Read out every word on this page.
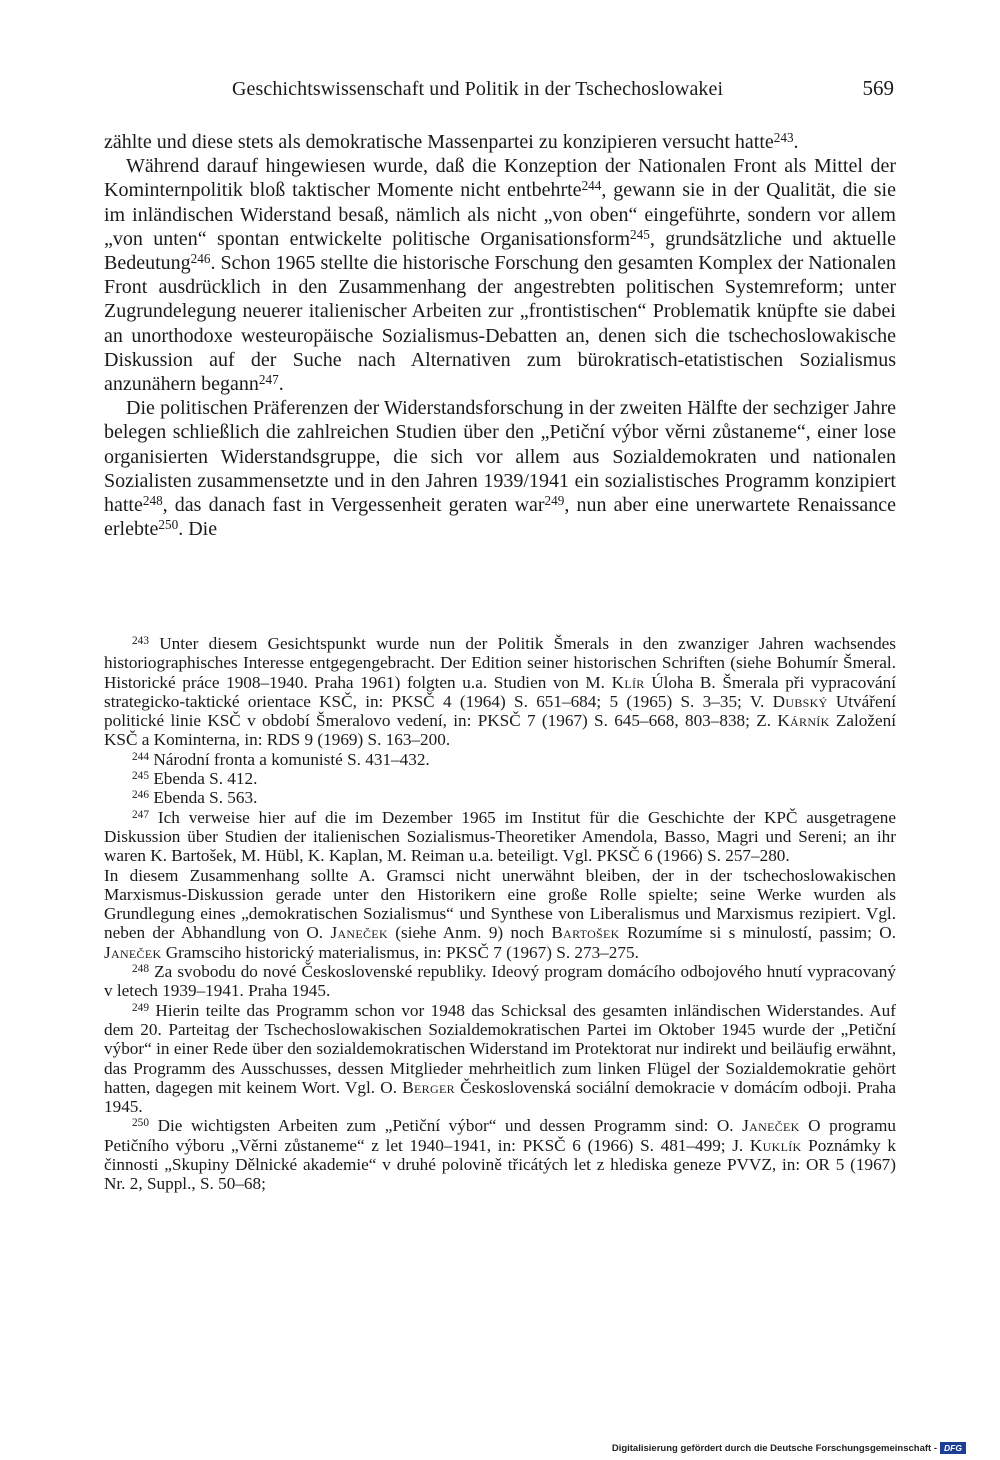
Geschichtswissenschaft und Politik in der Tschechoslowakei	569

zählte und diese stets als demokratische Massenpartei zu konzipieren versucht hatte$^{243}$.

Während darauf hingewiesen wurde, daß die Konzeption der Nationalen Front als Mittel der Kominternpolitik bloß taktischer Momente nicht entbehrte$^{244}$, gewann sie in der Qualität, die sie im inländischen Widerstand besaß, nämlich als nicht „von oben“ eingeführte, sondern vor allem „von unten“ spontan entwickelte politische Organisationsform$^{245}$, grundsätzliche und aktuelle Bedeutung$^{246}$. Schon 1965 stellte die historische Forschung den gesamten Komplex der Nationalen Front ausdrücklich in den Zusammenhang der angestrebten politischen Systemreform; unter Zugrundelegung neuerer italienischer Arbeiten zur „frontistischen“ Problematik knüpfte sie dabei an unorthodoxe westeuropäische Sozialismus-Debatten an, denen sich die tschechoslowakische Diskussion auf der Suche nach Alternativen zum bürokratisch-etatistischen Sozialismus anzunähern begann$^{247}$.

Die politischen Präferenzen der Widerstandsforschung in der zweiten Hälfte der sechziger Jahre belegen schließlich die zahlreichen Studien über den „Petiční výbor věrni zůstaneme“, einer lose organisierten Widerstandsgruppe, die sich vor allem aus Sozialdemokraten und nationalen Sozialisten zusammensetzte und in den Jahren 1939/1941 ein sozialistisches Programm konzipiert hatte$^{248}$, das danach fast in Vergessenheit geraten war$^{249}$, nun aber eine unerwartete Renaissance erlebte$^{250}$. Die

$^{243}$ Unter diesem Gesichtspunkt wurde nun der Politik Šmerals in den zwanziger Jahren wachsendes historiographisches Interesse entgegengebracht. Der Edition seiner historischen Schriften (siehe Bohumír Šmeral. Historické práce 1908–1940. Praha 1961) folgten u.a. Studien von M. Klír Úloha B. Šmerala při vypracování strategicko-taktické orientace KSČ, in: PKSČ 4 (1964) S. 651–684; 5 (1965) S. 3–35; V. Dubský Utváření politické linie KSČ v období Šmeralovo vedení, in: PKSČ 7 (1967) S. 645–668, 803–838; Z. Kárník Založení KSČ a Kominterna, in: RDS 9 (1969) S. 163–200.

$^{244}$ Národní fronta a komunisté S. 431–432.

$^{245}$ Ebenda S. 412.

$^{246}$ Ebenda S. 563.

$^{247}$ Ich verweise hier auf die im Dezember 1965 im Institut für die Geschichte der KPČ ausgetragene Diskussion über Studien der italienischen Sozialismus-Theoretiker Amendola, Basso, Magri und Sereni; an ihr waren K. Bartošek, M. Hübl, K. Kaplan, M. Reiman u.a. beteiligt. Vgl. PKSČ 6 (1966) S. 257–280.

In diesem Zusammenhang sollte A. Gramsci nicht unerwähnt bleiben, der in der tschechoslowakischen Marxismus-Diskussion gerade unter den Historikern eine große Rolle spielte; seine Werke wurden als Grundlegung eines „demokratischen Sozialismus“ und Synthese von Liberalismus und Marxismus rezipiert. Vgl. neben der Abhandlung von O. Janeček (siehe Anm. 9) noch Bartošek Rozumíme si s minulostí, passim; O. Janeček Gramsciho historický materialismus, in: PKSČ 7 (1967) S. 273–275.

$^{248}$ Za svobodu do nové Československé republiky. Ideový program domácího odbojového hnutí vypracovaný v letech 1939–1941. Praha 1945.

$^{249}$ Hierin teilte das Programm schon vor 1948 das Schicksal des gesamten inländischen Widerstandes. Auf dem 20. Parteitag der Tschechoslowakischen Sozialdemokratischen Partei im Oktober 1945 wurde der „Petiční výbor“ in einer Rede über den sozialdemokratischen Widerstand im Protektorat nur indirekt und beiläufig erwähnt, das Programm des Ausschusses, dessen Mitglieder mehrheitlich zum linken Flügel der Sozialdemokratie gehört hatten, dagegen mit keinem Wort. Vgl. O. Berger Československá sociální demokracie v domácím odboji. Praha 1945.

$^{250}$ Die wichtigsten Arbeiten zum „Petiční výbor“ und dessen Programm sind: O. Janeček O programu Petičního výboru „Věrni zůstaneme“ z let 1940–1941, in: PKSČ 6 (1966) S. 481–499; J. Kuklík Poznámky k činnosti „Skupiny Dělnické akademie“ v druhé polovině třicátých let z hlediska geneze PVVZ, in: OR 5 (1967) Nr. 2, Suppl., S. 50–68;

Digitalisierung gefördert durch die Deutsche Forschungsgemeinschaft - DFG
